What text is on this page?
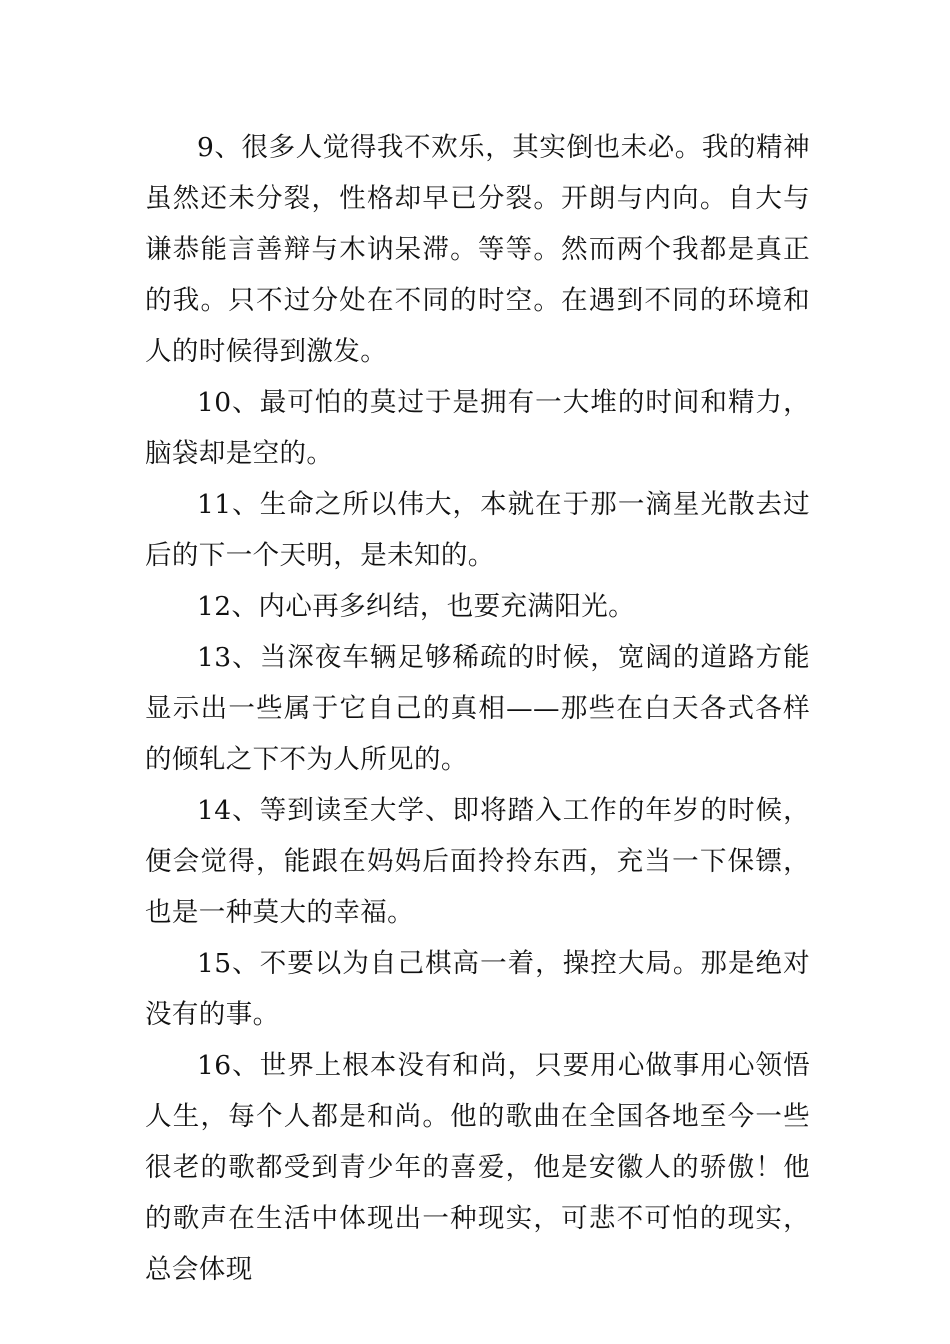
9、很多人觉得我不欢乐，其实倒也未必。我的精神虽然还未分裂，性格却早已分裂。开朗与内向。自大与谦恭能言善辩与木讷呆滞。等等。然而两个我都是真正的我。只不过分处在不同的时空。在遇到不同的环境和人的时候得到激发。

10、最可怕的莫过于是拥有一大堆的时间和精力，脑袋却是空的。

11、生命之所以伟大，本就在于那一滴星光散去过后的下一个天明，是未知的。

12、内心再多纠结，也要充满阳光。

13、当深夜车辆足够稀疏的时候，宽阔的道路方能显示出一些属于它自己的真相——那些在白天各式各样的倾轧之下不为人所见的。

14、等到读至大学、即将踏入工作的年岁的时候，便会觉得，能跟在妈妈后面拎拎东西，充当一下保镖，也是一种莫大的幸福。

15、不要以为自己棋高一着，操控大局。那是绝对没有的事。

16、世界上根本没有和尚，只要用心做事用心领悟人生，每个人都是和尚。他的歌曲在全国各地至今一些很老的歌都受到青少年的喜爱，他是安徽人的骄傲！他的歌声在生活中体现出一种现实，可悲不可怕的现实，总会体现
